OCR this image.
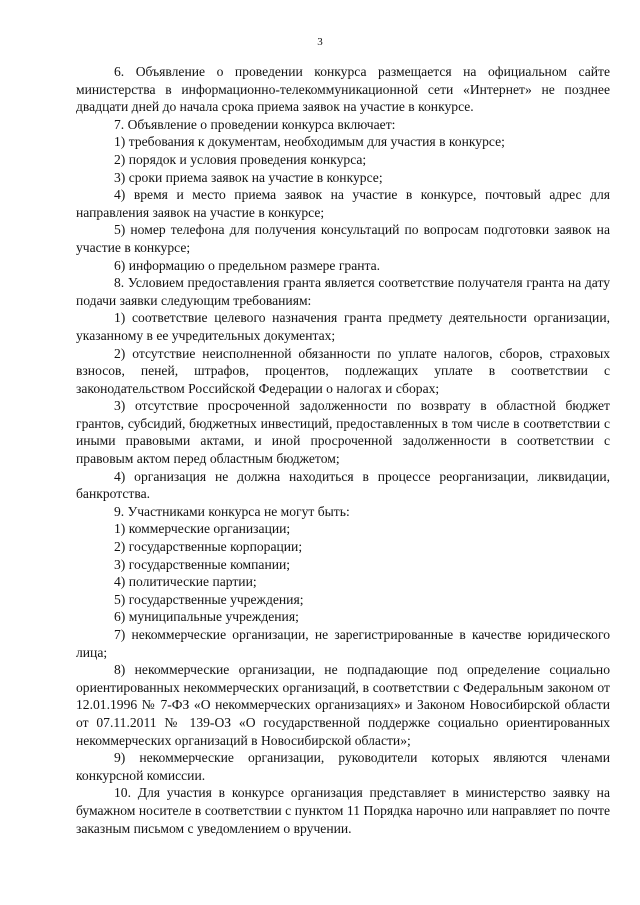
3

6. Объявление о проведении конкурса размещается на официальном сайте министерства в информационно-телекоммуникационной сети «Интернет» не позднее двадцати дней до начала срока приема заявок на участие в конкурсе.

7. Объявление о проведении конкурса включает:

1) требования к документам, необходимым для участия в конкурсе;

2) порядок и условия проведения конкурса;

3) сроки приема заявок на участие в конкурсе;

4) время и место приема заявок на участие в конкурсе, почтовый адрес для направления заявок на участие в конкурсе;

5) номер телефона для получения консультаций по вопросам подготовки заявок на участие в конкурсе;

6) информацию о предельном размере гранта.

8. Условием предоставления гранта является соответствие получателя гранта на дату подачи заявки следующим требованиям:

1) соответствие целевого назначения гранта предмету деятельности организации, указанному в ее учредительных документах;

2) отсутствие неисполненной обязанности по уплате налогов, сборов, страховых взносов, пеней, штрафов, процентов, подлежащих уплате в соответствии с законодательством Российской Федерации о налогах и сборах;

3) отсутствие просроченной задолженности по возврату в областной бюджет грантов, субсидий, бюджетных инвестиций, предоставленных в том числе в соответствии с иными правовыми актами, и иной просроченной задолженности в соответствии с правовым актом перед областным бюджетом;

4) организация не должна находиться в процессе реорганизации, ликвидации, банкротства.

9. Участниками конкурса не могут быть:

1) коммерческие организации;

2) государственные корпорации;

3) государственные компании;

4) политические партии;

5) государственные учреждения;

6) муниципальные учреждения;

7) некоммерческие организации, не зарегистрированные в качестве юридического лица;

8) некоммерческие организации, не подпадающие под определение социально ориентированных некоммерческих организаций, в соответствии с Федеральным законом от 12.01.1996 № 7-ФЗ «О некоммерческих организациях» и Законом Новосибирской области от 07.11.2011 № 139-ОЗ «О государственной поддержке социально ориентированных некоммерческих организаций в Новосибирской области»;

9) некоммерческие организации, руководители которых являются членами конкурсной комиссии.

10. Для участия в конкурсе организация представляет в министерство заявку на бумажном носителе в соответствии с пунктом 11 Порядка нарочно или направляет по почте заказным письмом с уведомлением о вручении.
